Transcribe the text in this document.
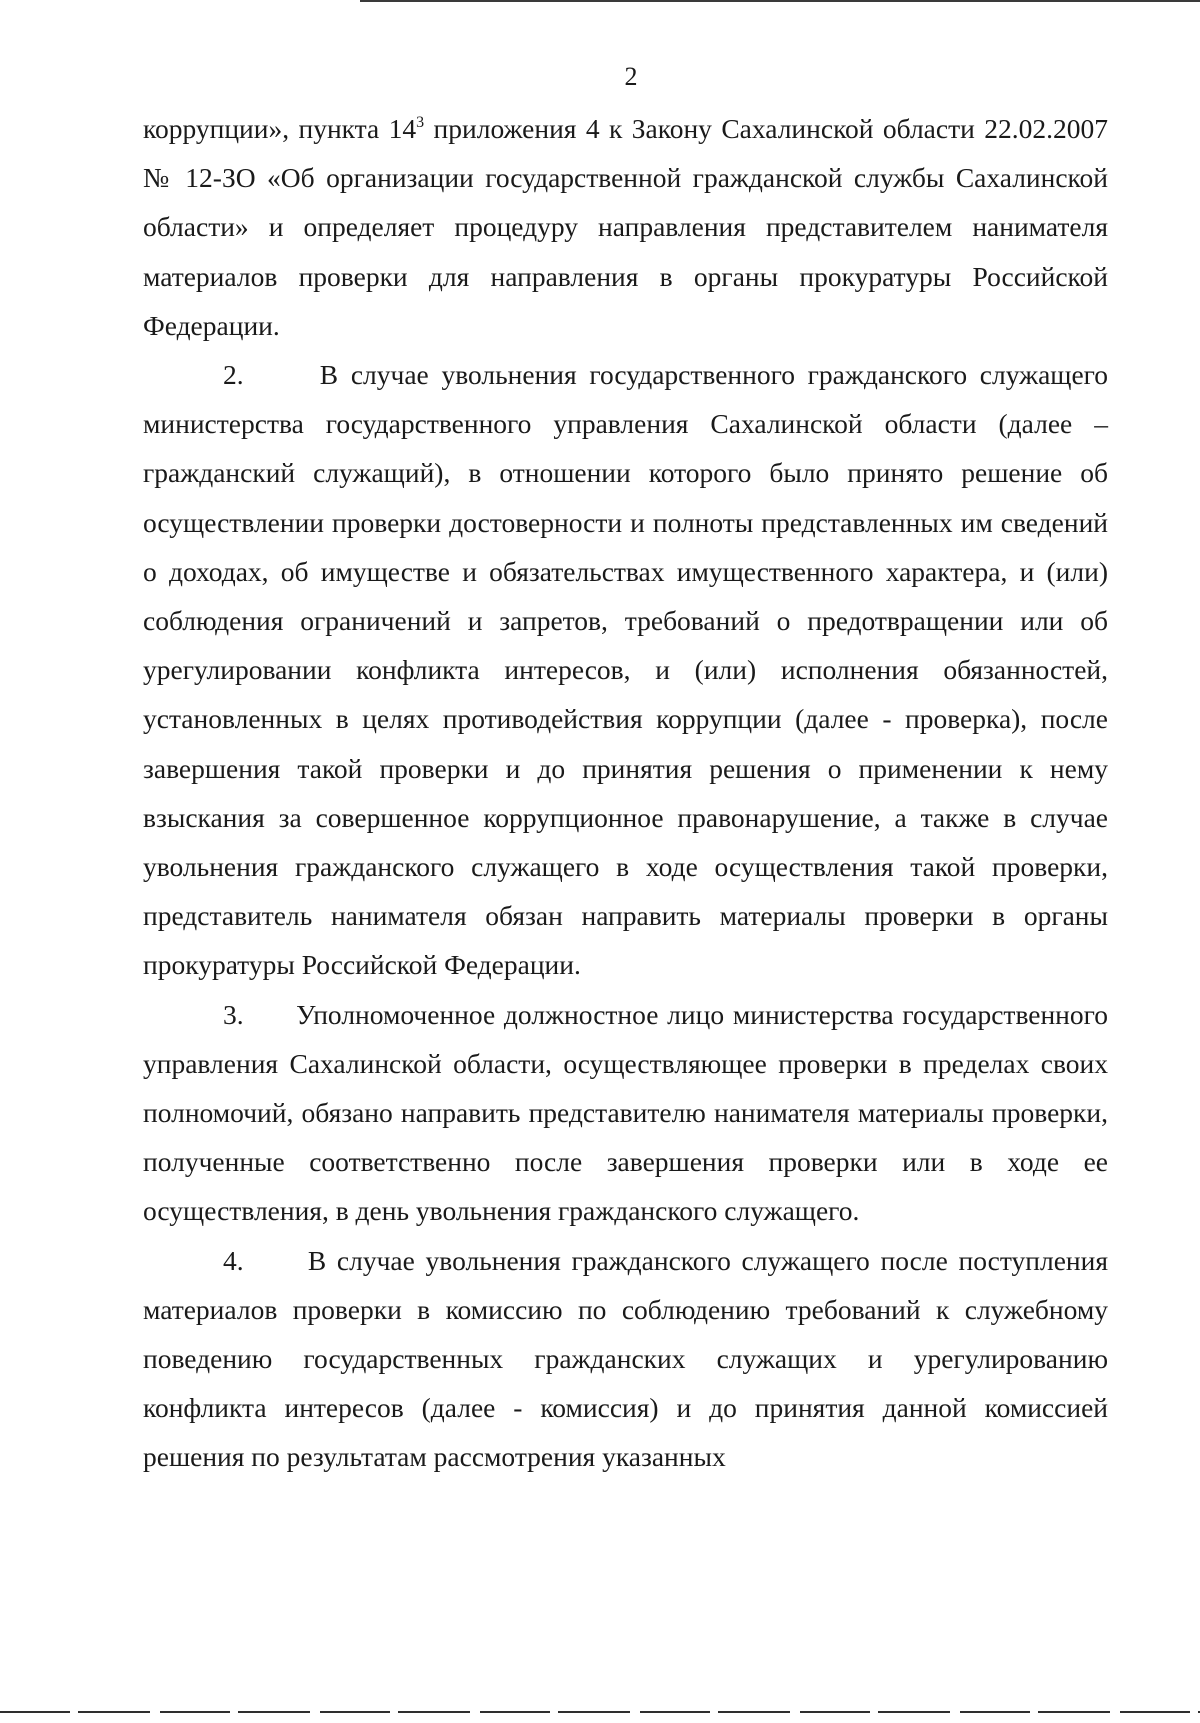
2

коррупции», пункта $14^3$ приложения 4 к Закону Сахалинской области 22.02.2007 № 12-ЗО «Об организации государственной гражданской службы Сахалинской области» и определяет процедуру направления представителем нанимателя материалов проверки для направления в органы прокуратуры Российской Федерации.

2.	В случае увольнения государственного гражданского служащего министерства государственного управления Сахалинской области (далее – гражданский служащий), в отношении которого было принято решение об осуществлении проверки достоверности и полноты представленных им сведений о доходах, об имуществе и обязательствах имущественного характера, и (или) соблюдения ограничений и запретов, требований о предотвращении или об урегулировании конфликта интересов, и (или) исполнения обязанностей, установленных в целях противодействия коррупции (далее - проверка), после завершения такой проверки и до принятия решения о применении к нему взыскания за совершенное коррупционное правонарушение, а также в случае увольнения гражданского служащего в ходе осуществления такой проверки, представитель нанимателя обязан направить материалы проверки в органы прокуратуры Российской Федерации.

3. Уполномоченное должностное лицо министерства государственного управления Сахалинской области, осуществляющее проверки в пределах своих полномочий, обязано направить представителю нанимателя материалы проверки, полученные соответственно после завершения проверки или в ходе ее осуществления, в день увольнения гражданского служащего.

4. В случае увольнения гражданского служащего после поступления материалов проверки в комиссию по соблюдению требований к служебному поведению государственных гражданских служащих и урегулированию конфликта интересов (далее - комиссия) и до принятия данной комиссией решения по результатам рассмотрения указанных
